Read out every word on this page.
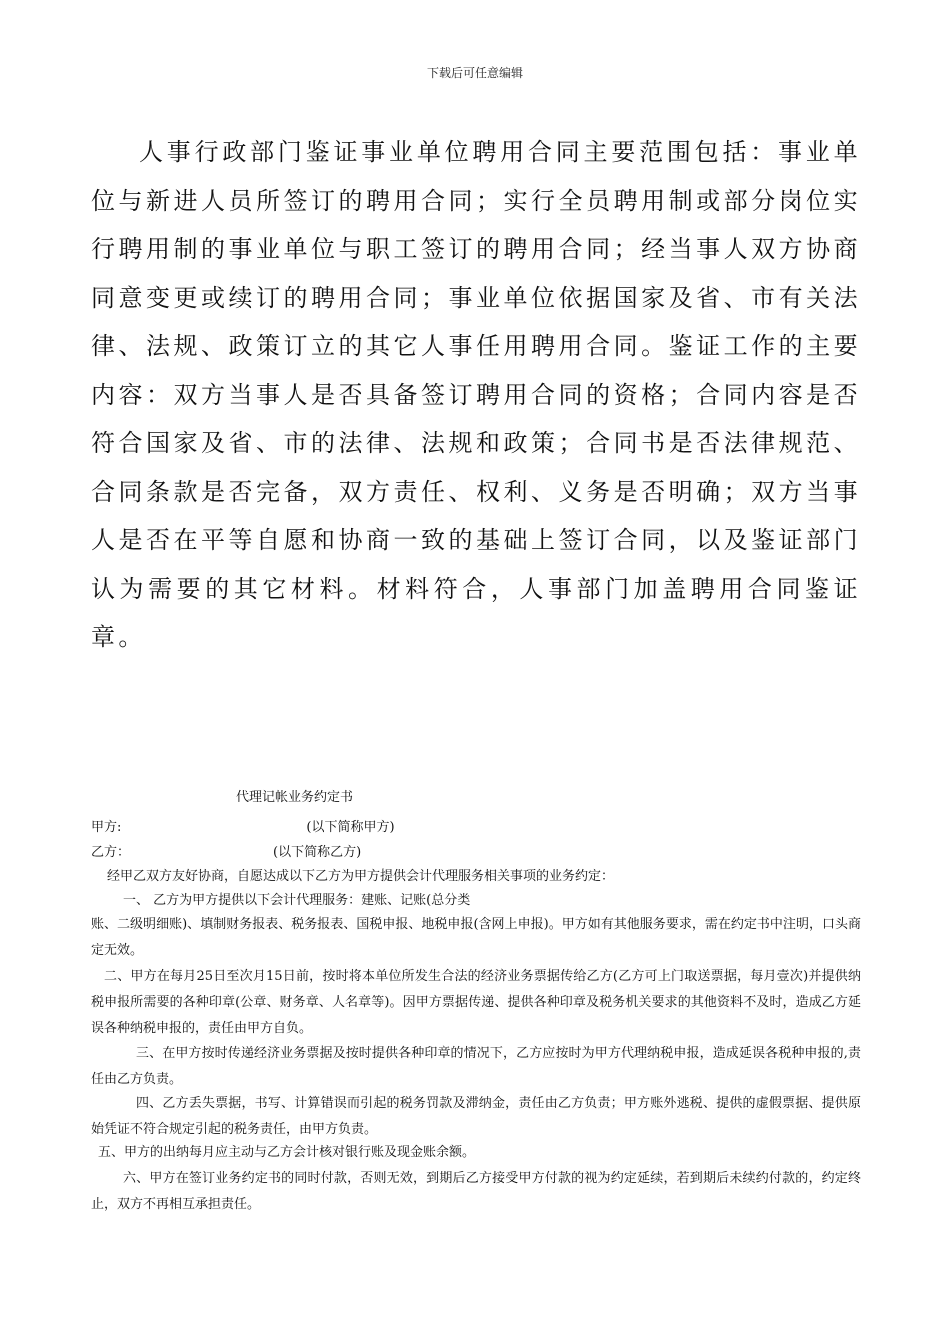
下载后可任意编辑

人事行政部门鉴证事业单位聘用合同主要范围包括：事业单位与新进人员所签订的聘用合同；实行全员聘用制或部分岗位实行聘用制的事业单位与职工签订的聘用合同；经当事人双方协商同意变更或续订的聘用合同；事业单位依据国家及省、市有关法律、法规、政策订立的其它人事任用聘用合同。鉴证工作的主要内容：双方当事人是否具备签订聘用合同的资格；合同内容是否符合国家及省、市的法律、法规和政策；合同书是否法律规范、合同条款是否完备，双方责任、权利、义务是否明确；双方当事人是否在平等自愿和协商一致的基础上签订合同，以及鉴证部门认为需要的其它材料。材料符合，人事部门加盖聘用合同鉴证章。

代理记帐业务约定书
甲方:	(以下简称甲方)
乙方：	(以下简称乙方)
经甲乙双方友好协商，自愿达成以下乙方为甲方提供会计代理服务相关事项的业务约定：
一、 乙方为甲方提供以下会计代理服务：建账、记账(总分类

账、二级明细账)、填制财务报表、税务报表、国税申报、地税申报(含网上申报)。甲方如有其他服务要求，需在约定书中注明，口头商定无效。

二、甲方在每月25日至次月15日前，按时将本单位所发生合法的经济业务票据传给乙方(乙方可上门取送票据，每月壹次)并提供纳税申报所需要的各种印章(公章、财务章、人名章等)。因甲方票据传递、提供各种印章及税务机关要求的其他资料不及时，造成乙方延误各种纳税申报的，责任由甲方自负。

三、在甲方按时传递经济业务票据及按时提供各种印章的情况下，乙方应按时为甲方代理纳税申报，造成延误各税种申报的,责任由乙方负责。

四、乙方丢失票据，书写、计算错误而引起的税务罚款及滞纳金，责任由乙方负责；甲方账外逃税、提供的虚假票据、提供原始凭证不符合规定引起的税务责任，由甲方负责。

五、甲方的出纳每月应主动与乙方会计核对银行账及现金账余额。

六、甲方在签订业务约定书的同时付款，否则无效，到期后乙方接受甲方付款的视为约定延续，若到期后未续约付款的，约定终止，双方不再相互承担责任。
